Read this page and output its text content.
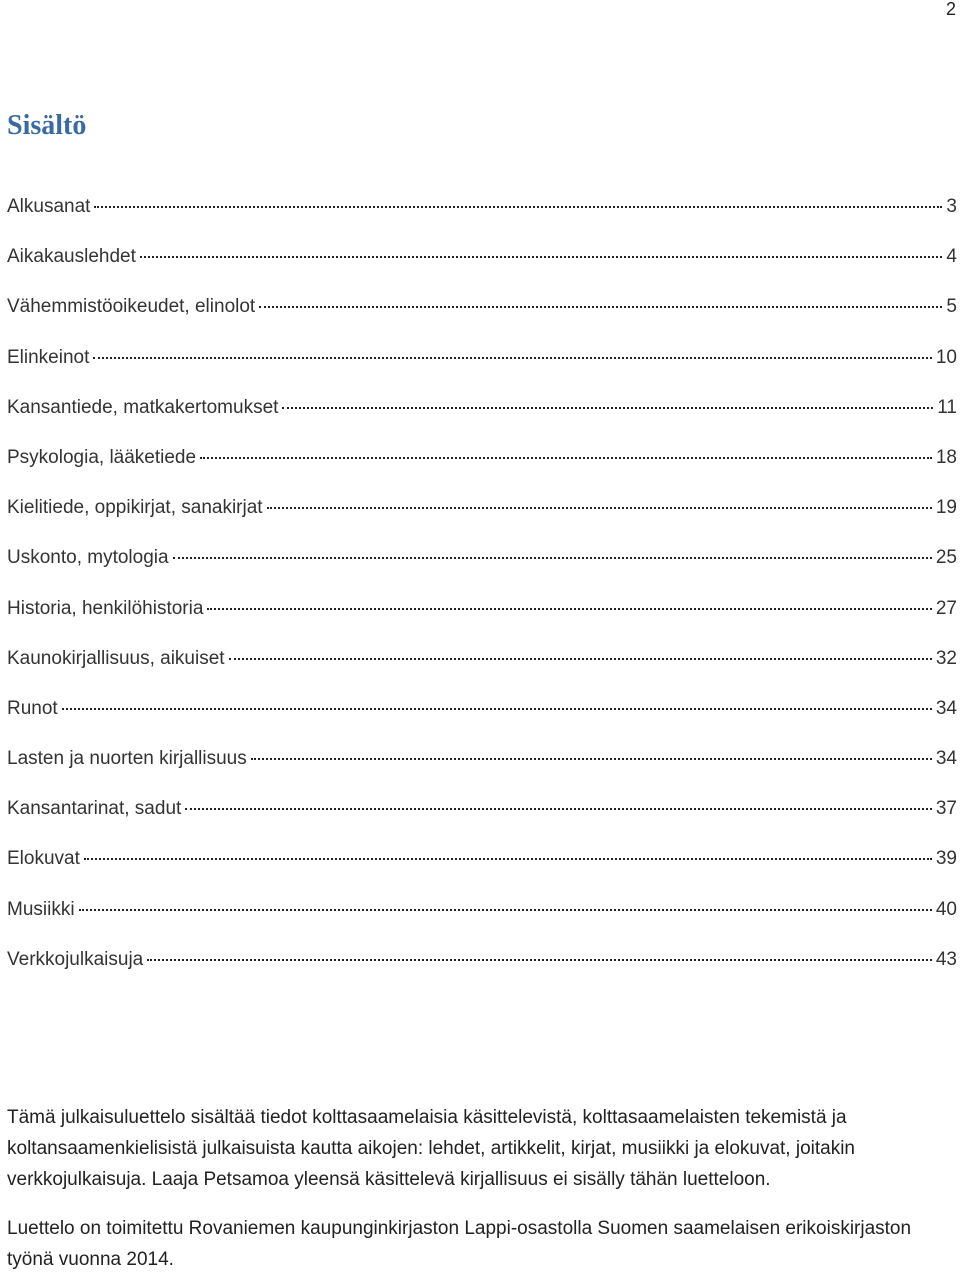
2
Sisältö
Alkusanat	3
Aikakauslehdet	4
Vähemmistöoikeudet, elinolot	5
Elinkeinot	10
Kansantiede, matkakertomukset	11
Psykologia, lääketiede	18
Kielitiede, oppikirjat, sanakirjat	19
Uskonto, mytologia	25
Historia, henkilöhistoria	27
Kaunokirjallisuus, aikuiset	32
Runot	34
Lasten ja nuorten kirjallisuus	34
Kansantarinat, sadut	37
Elokuvat	39
Musiikki	40
Verkkojulkaisuja	43

Tämä julkaisuluettelo sisältää tiedot kolttasaamelaisia käsittelevistä, kolttasaamelaisten tekemistä ja koltansaamenkielisistä julkaisuista kautta aikojen: lehdet, artikkelit, kirjat, musiikki ja elokuvat, joitakin verkkojulkaisuja. Laaja Petsamoa yleensä käsittelevä kirjallisuus ei sisälly tähän luetteloon.

Luettelo on toimitettu Rovaniemen kaupunginkirjaston Lappi-osastolla Suomen saamelaisen erikoiskirjaston työnä vuonna 2014.
